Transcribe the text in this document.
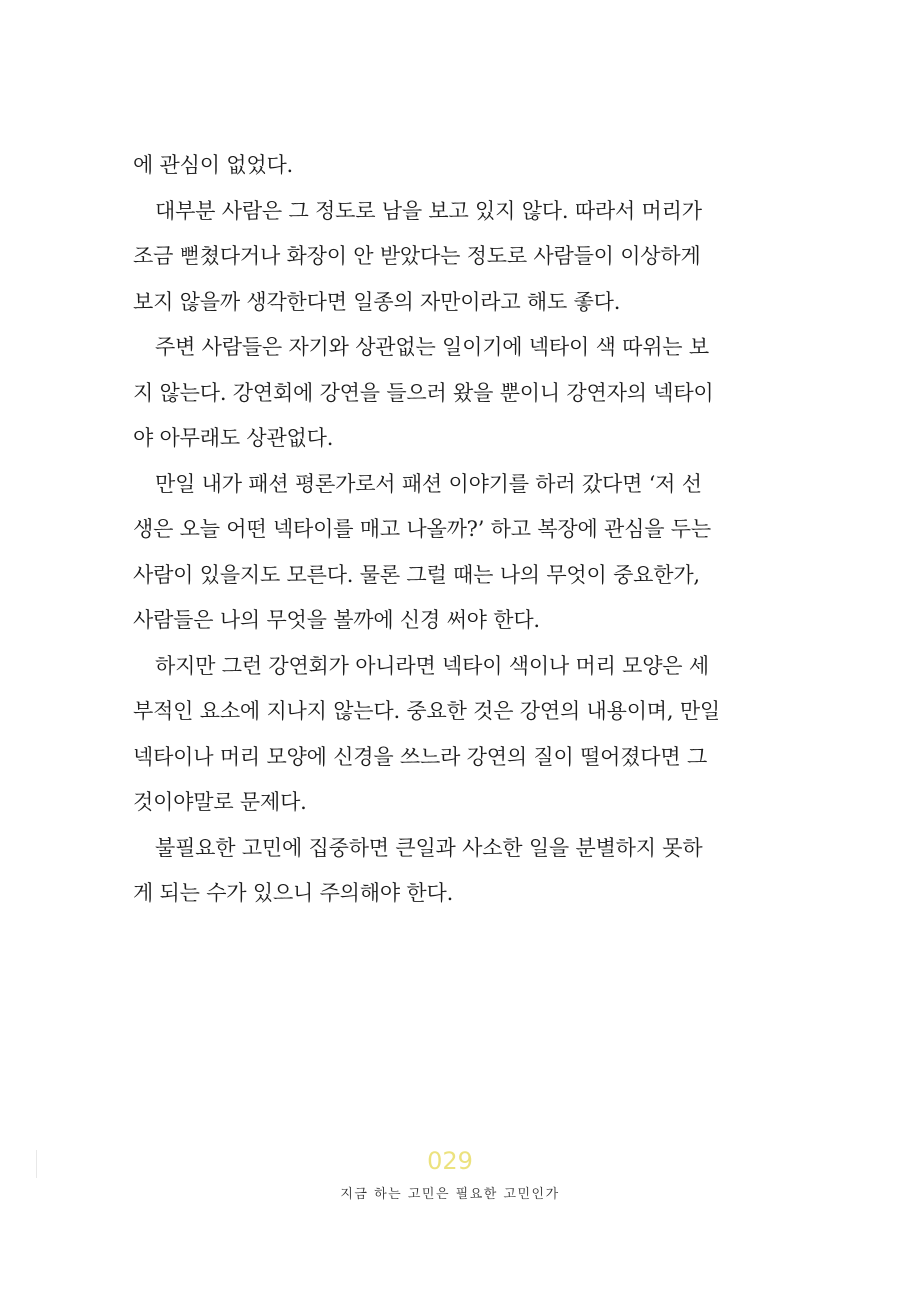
에 관심이 없었다.
대부분 사람은 그 정도로 남을 보고 있지 않다. 따라서 머리가
조금 뻗쳤다거나 화장이 안 받았다는 정도로 사람들이 이상하게
보지 않을까 생각한다면 일종의 자만이라고 해도 좋다.
주변 사람들은 자기와 상관없는 일이기에 넥타이 색 따위는 보
지 않는다. 강연회에 강연을 들으러 왔을 뿐이니 강연자의 넥타이
야 아무래도 상관없다.
만일 내가 패션 평론가로서 패션 이야기를 하러 갔다면 ‘저 선
생은 오늘 어떤 넥타이를 매고 나올까?’ 하고 복장에 관심을 두는
사람이 있을지도 모른다. 물론 그럴 때는 나의 무엇이 중요한가,
사람들은 나의 무엇을 볼까에 신경 써야 한다.
하지만 그런 강연회가 아니라면 넥타이 색이나 머리 모양은 세
부적인 요소에 지나지 않는다. 중요한 것은 강연의 내용이며, 만일
넥타이나 머리 모양에 신경을 쓰느라 강연의 질이 떨어졌다면 그
것이야말로 문제다.
불필요한 고민에 집중하면 큰일과 사소한 일을 분별하지 못하
게 되는 수가 있으니 주의해야 한다.
029
지금 하는 고민은 필요한 고민인가
